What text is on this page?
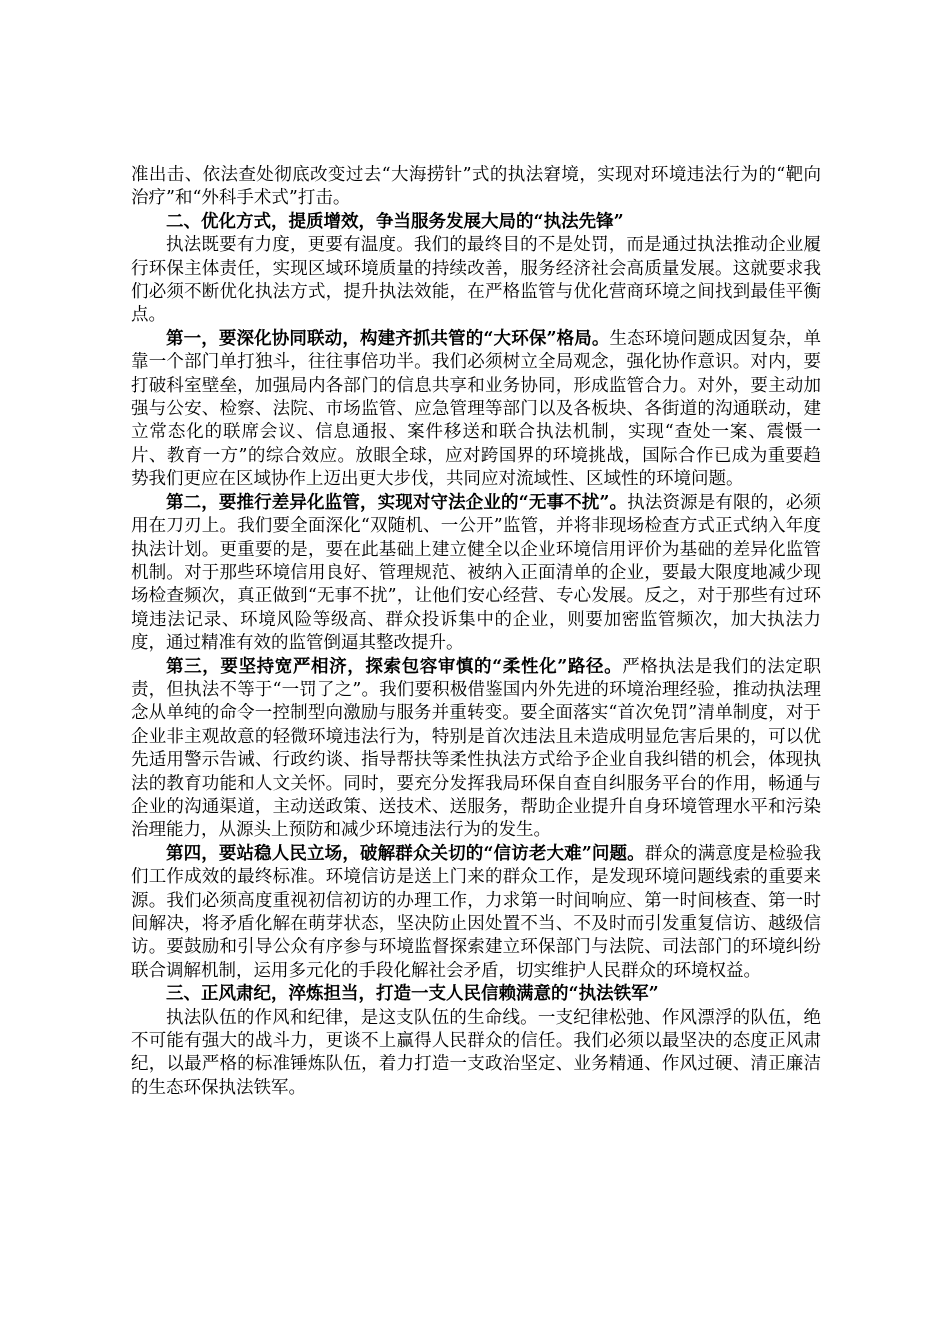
准出击、依法查处彻底改变过去“大海捞针”式的执法窘境，实现对环境违法行为的“靶向治疗”和“外科手术式”打击。

二、优化方式，提质增效，争当服务发展大局的“执法先锋”

执法既要有力度，更要有温度。我们的最终目的不是处罚，而是通过执法推动企业履行环保主体责任，实现区域环境质量的持续改善，服务经济社会高质量发展。这就要求我们必须不断优化执法方式，提升执法效能，在严格监管与优化营商环境之间找到最佳平衡点。

第一，要深化协同联动，构建齐抓共管的“大环保”格局。生态环境问题成因复杂，单靠一个部门单打独斗，往往事倍功半。我们必须树立全局观念，强化协作意识。对内，要打破科室壁垒，加强局内各部门的信息共享和业务协同，形成监管合力。对外，要主动加强与公安、检察、法院、市场监管、应急管理等部门以及各板块、各街道的沟通联动，建立常态化的联席会议、信息通报、案件移送和联合执法机制，实现“查处一案、震慑一片、教育一方”的综合效应。放眼全球，应对跨国界的环境挑战，国际合作已成为重要趋势我们更应在区域协作上迈出更大步伐，共同应对流域性、区域性的环境问题。

第二，要推行差异化监管，实现对守法企业的“无事不扰”。执法资源是有限的，必须用在刀刃上。我们要全面深化“双随机、一公开”监管，并将非现场检查方式正式纳入年度执法计划。更重要的是，要在此基础上建立健全以企业环境信用评价为基础的差异化监管机制。对于那些环境信用良好、管理规范、被纳入正面清单的企业，要最大限度地减少现场检查频次，真正做到“无事不扰”，让他们安心经营、专心发展。反之，对于那些有过环境违法记录、环境风险等级高、群众投诉集中的企业，则要加密监管频次，加大执法力度，通过精准有效的监管倒逼其整改提升。

第三，要坚持宽严相济，探索包容审慎的“柔性化”路径。严格执法是我们的法定职责，但执法不等于“一罚了之”。我们要积极借鉴国内外先进的环境治理经验，推动执法理念从单纯的命令一控制型向激励与服务并重转变。要全面落实“首次免罚”清单制度，对于企业非主观故意的轻微环境违法行为，特别是首次违法且未造成明显危害后果的，可以优先适用警示告诫、行政约谈、指导帮扶等柔性执法方式给予企业自我纠错的机会，体现执法的教育功能和人文关怀。同时，要充分发挥我局环保自查自纠服务平台的作用，畅通与企业的沟通渠道，主动送政策、送技术、送服务，帮助企业提升自身环境管理水平和污染治理能力，从源头上预防和减少环境违法行为的发生。

第四，要站稳人民立场，破解群众关切的“信访老大难”问题。群众的满意度是检验我们工作成效的最终标准。环境信访是送上门来的群众工作，是发现环境问题线索的重要来源。我们必须高度重视初信初访的办理工作，力求第一时间响应、第一时间核查、第一时间解决，将矛盾化解在萌芽状态，坚决防止因处置不当、不及时而引发重复信访、越级信访。要鼓励和引导公众有序参与环境监督探索建立环保部门与法院、司法部门的环境纠纷联合调解机制，运用多元化的手段化解社会矛盾，切实维护人民群众的环境权益。

三、正风肃纪，淬炼担当，打造一支人民信赖满意的“执法铁军”

执法队伍的作风和纪律，是这支队伍的生命线。一支纪律松弛、作风漂浮的队伍，绝不可能有强大的战斗力，更谈不上赢得人民群众的信任。我们必须以最坚决的态度正风肃纪，以最严格的标准锤炼队伍，着力打造一支政治坚定、业务精通、作风过硬、清正廉洁的生态环保执法铁军。
